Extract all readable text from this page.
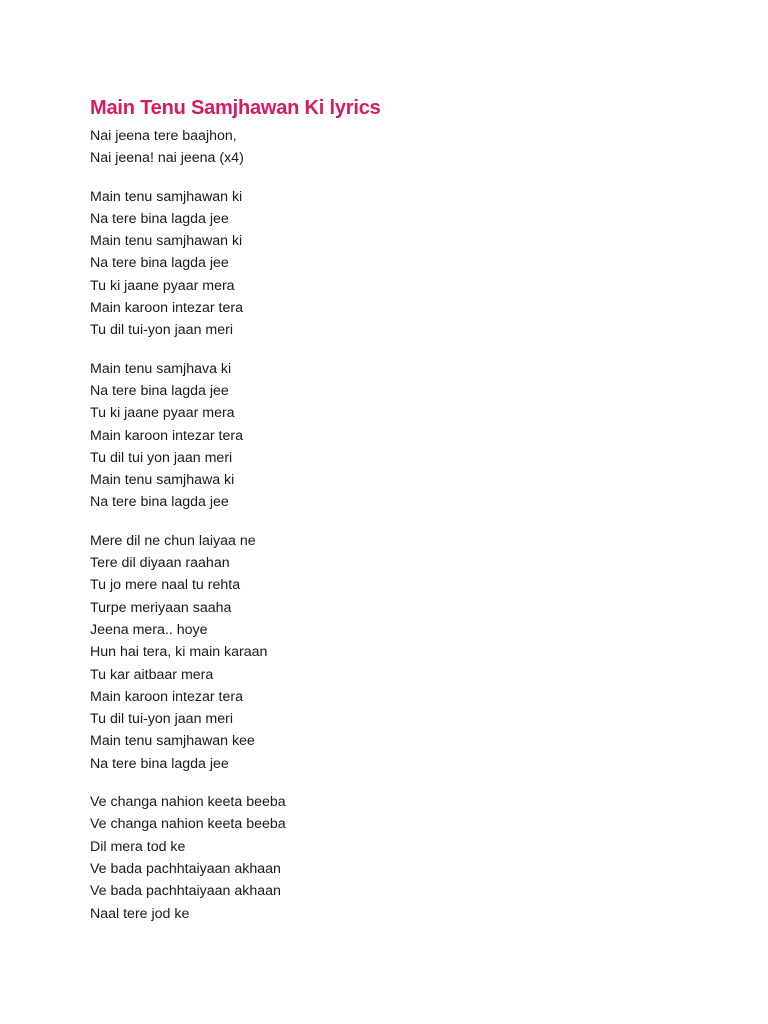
Main Tenu Samjhawan Ki lyrics
Nai jeena tere baajhon,
Nai jeena! nai jeena (x4)
Main tenu samjhawan ki
Na tere bina lagda jee
Main tenu samjhawan ki
Na tere bina lagda jee
Tu ki jaane pyaar mera
Main karoon intezar tera
Tu dil tui-yon jaan meri
Main tenu samjhava ki
Na tere bina lagda jee
Tu ki jaane pyaar mera
Main karoon intezar tera
Tu dil tui yon jaan meri
Main tenu samjhawa ki
Na tere bina lagda jee
Mere dil ne chun laiyaa ne
Tere dil diyaan raahan
Tu jo mere naal tu rehta
Turpe meriyaan saaha
Jeena mera.. hoye
Hun hai tera, ki main karaan
Tu kar aitbaar mera
Main karoon intezar tera
Tu dil tui-yon jaan meri
Main tenu samjhawan kee
Na tere bina lagda jee
Ve changa nahion keeta beeba
Ve changa nahion keeta beeba
Dil mera tod ke
Ve bada pachhtaiyaan akhaan
Ve bada pachhtaiyaan akhaan
Naal tere jod ke
